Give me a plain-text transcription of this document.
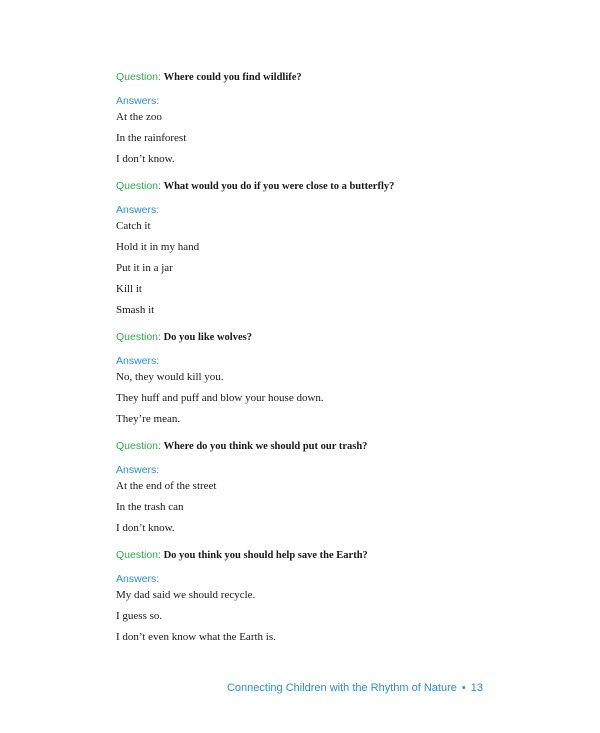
Question: Where could you find wildlife?
Answers:
At the zoo
In the rainforest
I don’t know.
Question: What would you do if you were close to a butterfly?
Answers:
Catch it
Hold it in my hand
Put it in a jar
Kill it
Smash it
Question: Do you like wolves?
Answers:
No, they would kill you.
They huff and puff and blow your house down.
They’re mean.
Question: Where do you think we should put our trash?
Answers:
At the end of the street
In the trash can
I don’t know.
Question: Do you think you should help save the Earth?
Answers:
My dad said we should recycle.
I guess so.
I don’t even know what the Earth is.
Connecting Children with the Rhythm of Nature • 13
